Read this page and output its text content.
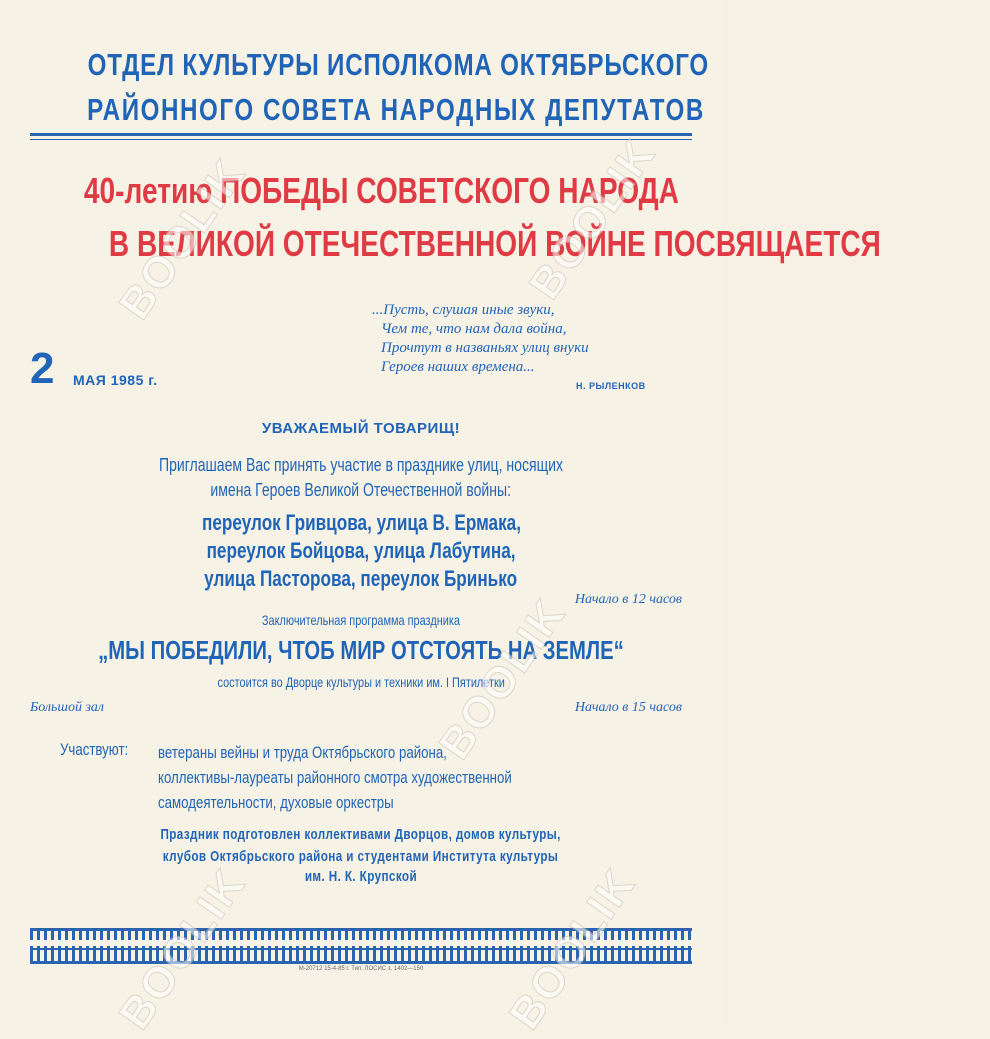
ОТДЕЛ КУЛЬТУРЫ ИСПОЛКОМА ОКТЯБРЬСКОГО
РАЙОННОГО СОВЕТА НАРОДНЫХ ДЕПУТАТОВ
40-летию ПОБЕДЫ СОВЕТСКОГО НАРОДА
В ВЕЛИКОЙ ОТЕЧЕСТВЕННОЙ ВОЙНЕ ПОСВЯЩАЕТСЯ
...Пусть, слушая иные звуки,
Чем те, что нам дала война,
Прочтут в названьях улиц внуки
Героев наших времена...
Н. РЫЛЕНКОВ
2 МАЯ 1985 г.
УВАЖАЕМЫЙ ТОВАРИЩ!
Приглашаем Вас принять участие в празднике улиц, носящих
имена Героев Великой Отечественной войны:
переулок Гривцова, улица В. Ермака,
переулок Бойцова, улица Лабутина,
улица Пасторова, переулок Бринько
Начало в 12 часов
Заключительная программа праздника
„МЫ ПОБЕДИЛИ, ЧТОБ МИР ОТСТОЯТЬ НА ЗЕМЛЕ“
состоится во Дворце культуры и техники им. I Пятилетки
Большой зал	Начало в 15 часов
Участвуют:	ветераны вейны и труда Октябрьского района,
коллективы-лауреаты районного смотра художественной
самодеятельности, духовые оркестры
Праздник подготовлен коллективами Дворцов, домов культуры,
клубов Октябрьского района и студентами Института культуры
им. Н. К. Крупской
М-20712 15-4-85 г. Тип. ЛОСИС з. 1402—150
BOOLIK	BOOLIK
BOOLIK
BOOLIK	BOOLIK
